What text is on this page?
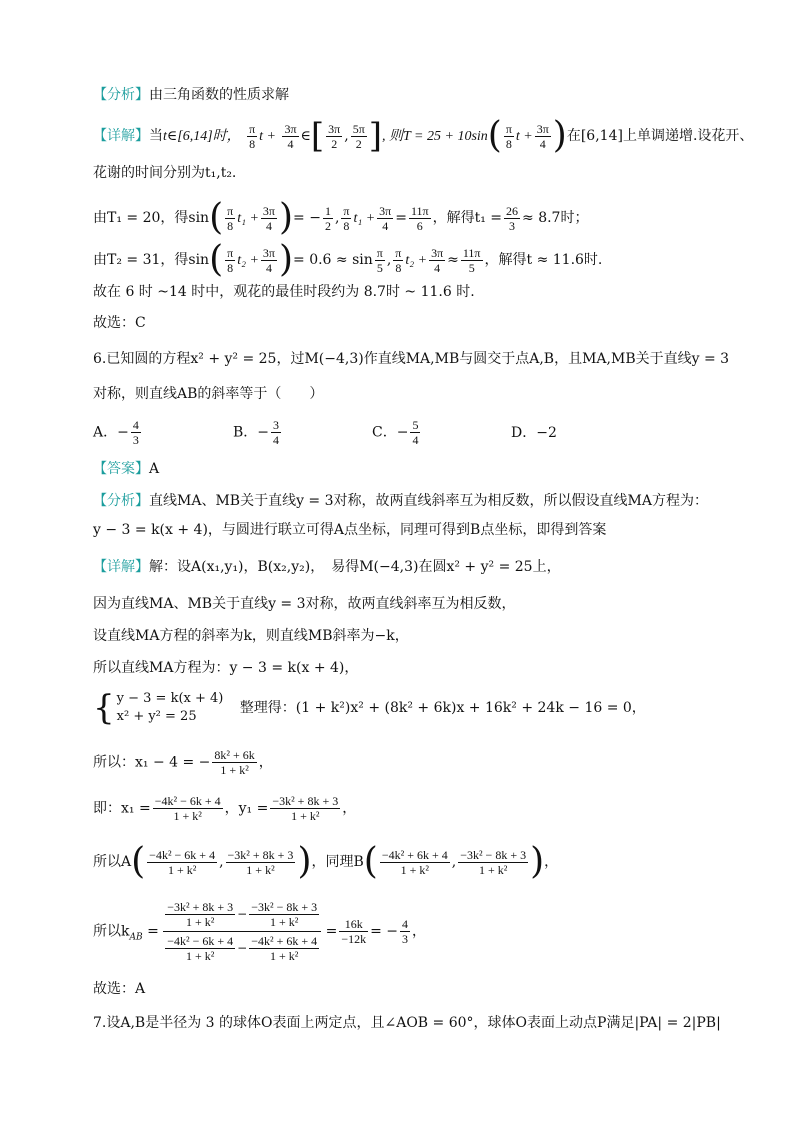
【分析】由三角函数的性质求解
【详解】当t∈[6,14]时， $\frac{\pi}{8}$ $t + \frac{3\pi}{4}$ ∈[ $\frac{3\pi}{2}$ , $\frac{5\pi}{2}$ ], 则$T = 25 + 10\sin( \frac{\pi}{8}$ $t + \frac{3\pi}{4}$ )在[6,14]上单调递增.设花开、
花谢的时间分别为t₁,t₂.
由T₁ = 20，得$\sin( \frac{\pi}{8} t_1 + \frac{3\pi}{4}$ )= − $\frac{1}{2}$ , $\frac{\pi}{8} t_1 + \frac{3\pi}{4} = \frac{11\pi}{6}$ ，解得$t_1 = \frac{26}{3} \approx 8.7$时；
由T₂ = 31，得$\sin( \frac{\pi}{8} t_2 + \frac{3\pi}{4}$ )= $0.6 \approx \sin \frac{\pi}{5}$ , $\frac{\pi}{8} t_2 + \frac{3\pi}{4} \approx \frac{11\pi}{5}$ ，解得t ≈ 11.6时.
故在 6 时 ~14 时中，观花的最佳时段约为 8.7时 ~ 11.6 时.
故选：C
6.已知圆的方程x² + y² = 25，过M(−4,3)作直线MA,MB与圆交于点A,B，且MA,MB关于直线y = 3
对称，则直线AB的斜率等于（　　）
A．− $\frac{4}{3}$	B．− $\frac{3}{4}$	C．− $\frac{5}{4}$	D．−2
【答案】A
【分析】直线MA、MB关于直线y = 3对称，故两直线斜率互为相反数，所以假设直线MA方程为：
y − 3 = k(x + 4)，与圆进行联立可得A点坐标，同理可得到B点坐标，即得到答案
【详解】解：设A(x₁,y₁)，B(x₂,y₂)，　易得M(−4,3)在圆x² + y² = 25上，
因为直线MA、MB关于直线y = 3对称，故两直线斜率互为相反数，
设直线MA方程的斜率为k，则直线MB斜率为−k，
所以直线MA方程为：y − 3 = k(x + 4)，
{ y − 3 = k(x + 4)
x² + y² = 25 整理得：(1 + k²)x² + (8k² + 6k)x + 16k² + 24k − 16 = 0，
所以：x₁ − 4 = − $\frac{\text{8k² + 6k}}{\text{1 + k²}}$ ，
即：$x_1 = \frac{\text{−4k² − 6k + 4}}{\text{1 + k²}}$ ，$y_1 = \frac{\text{−3k² + 8k + 3}}{\text{1 + k²}}$ ，
所以$A( \frac{\text{−4k² − 6k + 4}}{\text{1 + k²}}$ , $\frac{\text{−3k² + 8k + 3}}{\text{1 + k²}}$ )，同理$B( \frac{\text{−4k² + 6k + 4}}{\text{1 + k²}}$ , $\frac{\text{−3k² − 8k + 3}}{\text{1 + k²}}$ )，
所以$k_{AB} = \frac{\frac{\text{−3k² + 8k + 3}}{\text{1 + k²}} - \frac{\text{−3k² − 8k + 3}}{\text{1 + k²}}}{\frac{\text{−4k² − 6k + 4}}{\text{1 + k²}} - \frac{\text{−4k² + 6k + 4}}{\text{1 + k²}}} = \frac{16k}{-12k}$ = − $\frac{4}{3}$ ，
故选：A
7.设A,B是半径为 3 的球体O表面上两定点，且∠AOB = 60°，球体O表面上动点P满足|PA| = 2|PB|
